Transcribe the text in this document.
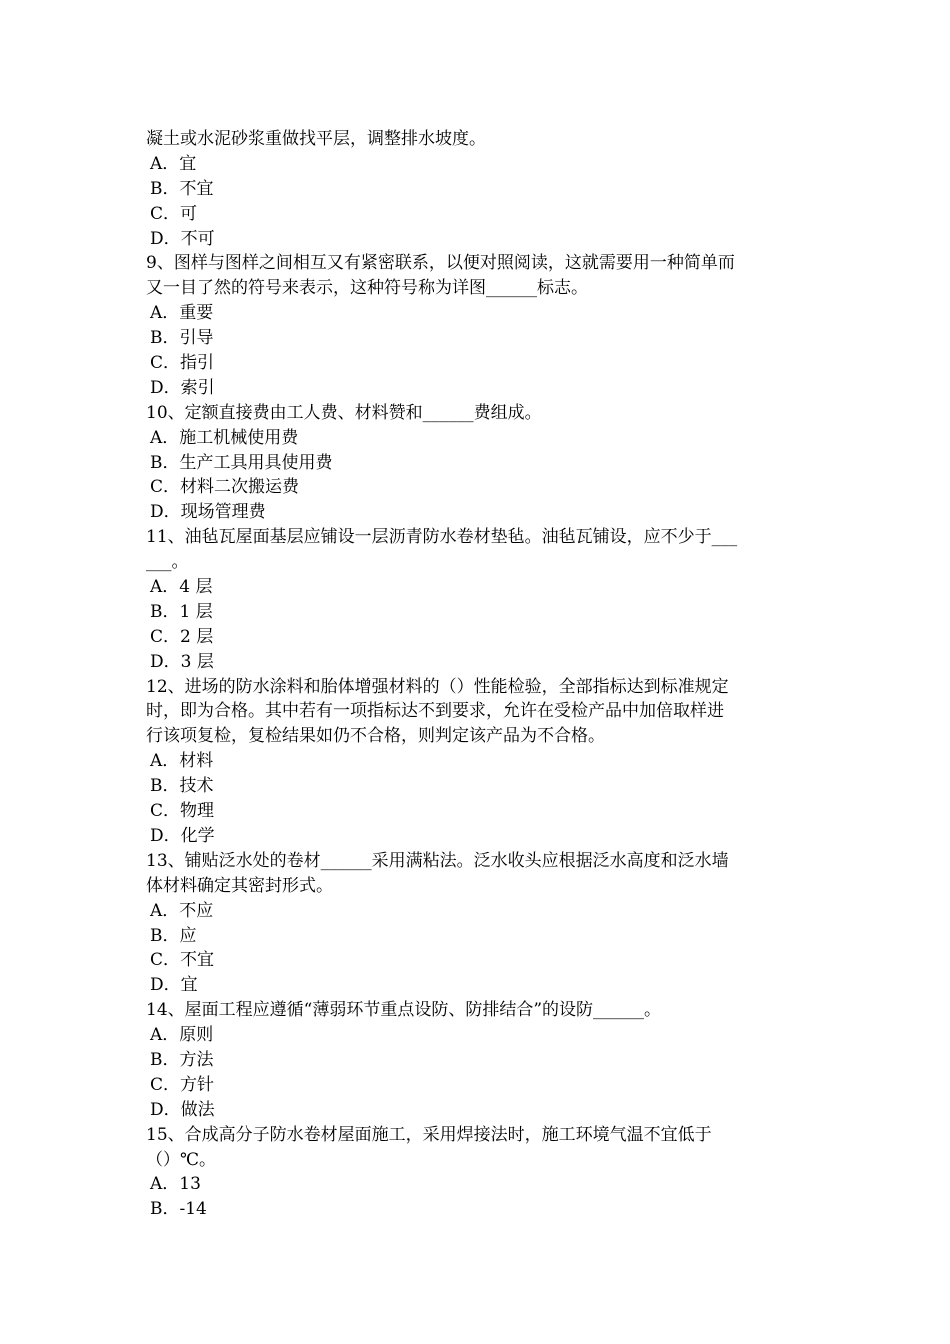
凝土或水泥砂浆重做找平层，调整排水坡度。
A．宜
B．不宜
C．可
D．不可
9、图样与图样之间相互又有紧密联系，以便对照阅读，这就需要用一种简单而
又一目了然的符号来表示，这种符号称为详图______标志。
A．重要
B．引导
C．指引
D．索引
10、定额直接费由工人费、材料赞和______费组成。
A．施工机械使用费
B．生产工具用具使用费
C．材料二次搬运费
D．现场管理费
11、油毡瓦屋面基层应铺设一层沥青防水卷材垫毡。油毡瓦铺设，应不少于___
___。
A．4 层
B．1 层
C．2 层
D．3 层
12、进场的防水涂料和胎体增强材料的（）性能检验，全部指标达到标准规定
时，即为合格。其中若有一项指标达不到要求，允许在受检产品中加倍取样进
行该项复检，复检结果如仍不合格，则判定该产品为不合格。
A．材料
B．技术
C．物理
D．化学
13、铺贴泛水处的卷材______采用满粘法。泛水收头应根据泛水高度和泛水墙
体材料确定其密封形式。
A．不应
B．应
C．不宜
D．宜
14、屋面工程应遵循“薄弱环节重点设防、防排结合”的设防______。
A．原则
B．方法
C．方针
D．做法
15、合成高分子防水卷材屋面施工，采用焊接法时，施工环境气温不宜低于
（）℃。
A．13
B．-14
